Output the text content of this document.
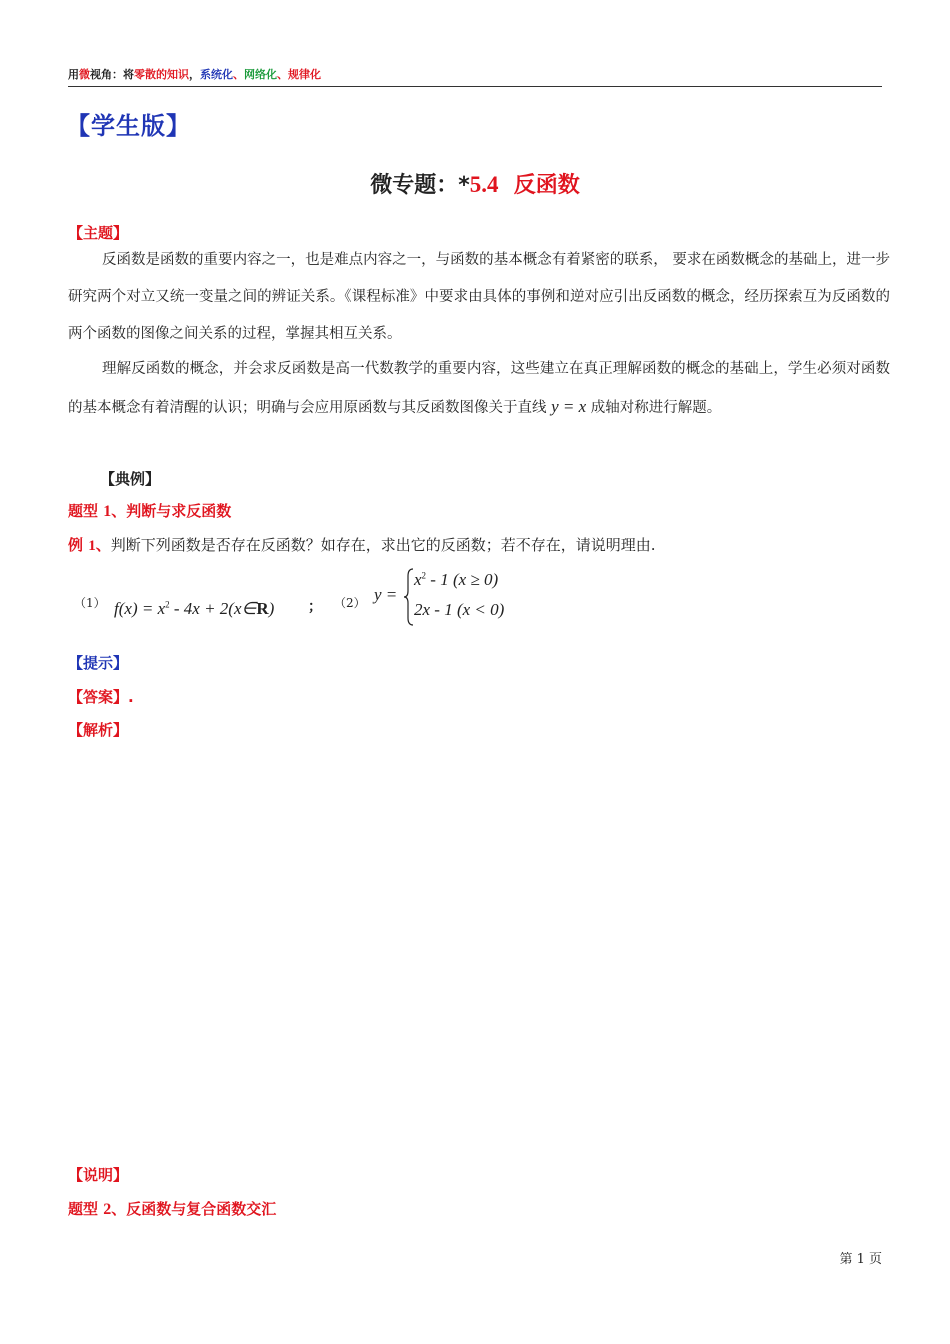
用微视角：将零散的知识，系统化、网络化、规律化
【学生版】
微专题：*5.4 反函数
【主题】
反函数是函数的重要内容之一，也是难点内容之一，与函数的基本概念有着紧密的联系， 要求在函数概念的基础上，进一步研究两个对立又统一变量之间的辨证关系。《课程标准》中要求由具体的事例和逆对应引出反函数的概念，经历探索互为反函数的两个函数的图像之间关系的过程，掌握其相互关系。
理解反函数的概念，并会求反函数是高一代数教学的重要内容，这些建立在真正理解函数的概念的基础上，学生必须对函数的基本概念有着清醒的认识；明确与会应用原函数与其反函数图像关于直线 y = x 成轴对称进行解题。
【典例】
题型 1、判断与求反函数
例 1、判断下列函数是否存在反函数？如存在，求出它的反函数；若不存在，请说明理由.
（1） $f(x) = x^2 - 4x$ + 2(x∈R) ； （2） y =
$x^2 - 1$ (x ≥ 0)
2x - 1 (x < 0)
【提示】
【答案】.
【解析】
【说明】
题型 2、反函数与复合函数交汇
第 1 页
